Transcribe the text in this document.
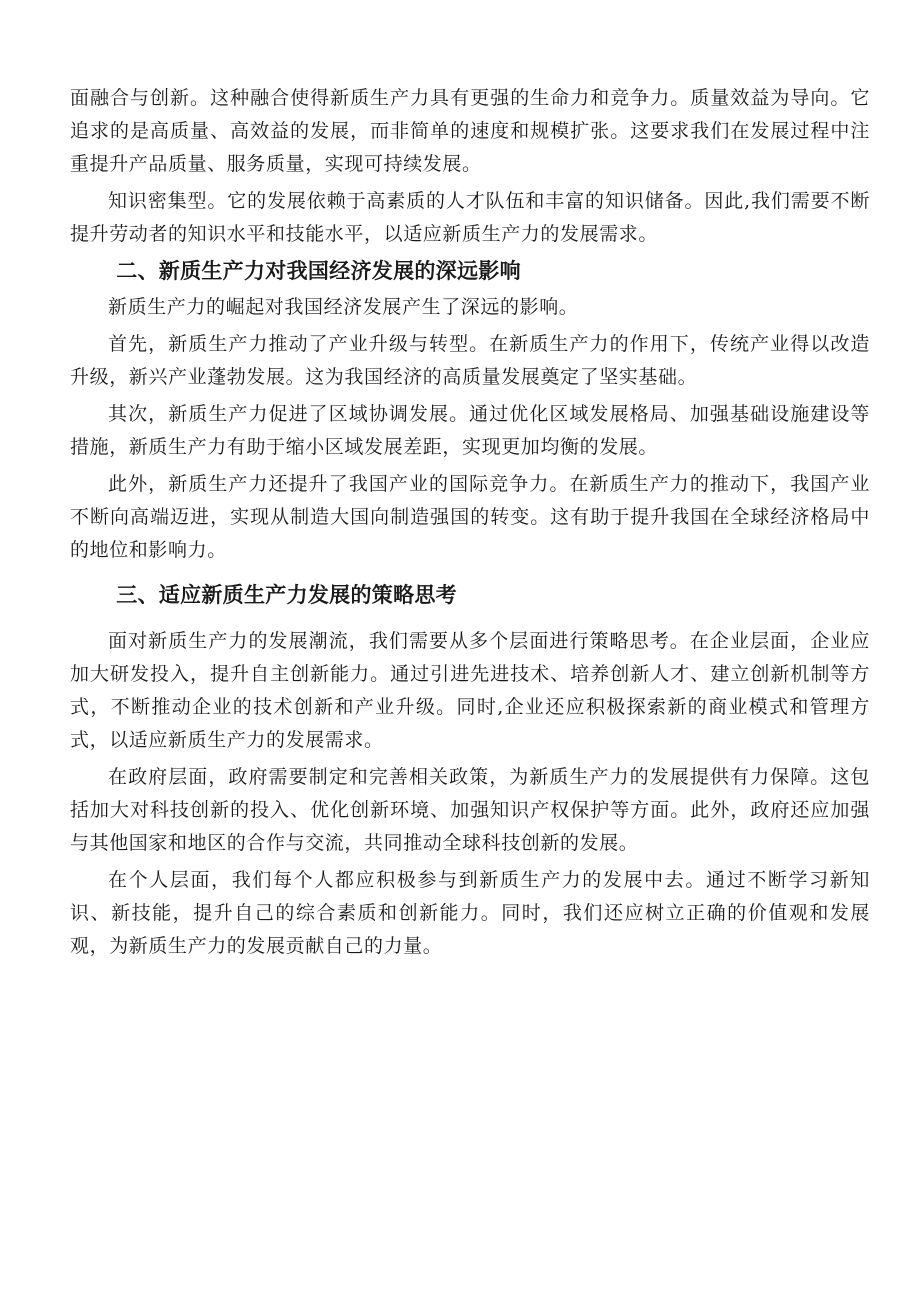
面融合与创新。这种融合使得新质生产力具有更强的生命力和竞争力。质量效益为导向。它追求的是高质量、高效益的发展，而非简单的速度和规模扩张。这要求我们在发展过程中注重提升产品质量、服务质量，实现可持续发展。

知识密集型。它的发展依赖于高素质的人才队伍和丰富的知识储备。因此,我们需要不断提升劳动者的知识水平和技能水平，以适应新质生产力的发展需求。

二、新质生产力对我国经济发展的深远影响

新质生产力的崛起对我国经济发展产生了深远的影响。

首先，新质生产力推动了产业升级与转型。在新质生产力的作用下，传统产业得以改造升级，新兴产业蓬勃发展。这为我国经济的高质量发展奠定了坚实基础。

其次，新质生产力促进了区域协调发展。通过优化区域发展格局、加强基础设施建设等措施，新质生产力有助于缩小区域发展差距，实现更加均衡的发展。

此外，新质生产力还提升了我国产业的国际竞争力。在新质生产力的推动下，我国产业不断向高端迈进，实现从制造大国向制造强国的转变。这有助于提升我国在全球经济格局中的地位和影响力。

三、适应新质生产力发展的策略思考

面对新质生产力的发展潮流，我们需要从多个层面进行策略思考。在企业层面，企业应加大研发投入，提升自主创新能力。通过引进先进技术、培养创新人才、建立创新机制等方式，不断推动企业的技术创新和产业升级。同时,企业还应积极探索新的商业模式和管理方式，以适应新质生产力的发展需求。

在政府层面，政府需要制定和完善相关政策，为新质生产力的发展提供有力保障。这包括加大对科技创新的投入、优化创新环境、加强知识产权保护等方面。此外，政府还应加强与其他国家和地区的合作与交流，共同推动全球科技创新的发展。

在个人层面，我们每个人都应积极参与到新质生产力的发展中去。通过不断学习新知识、新技能，提升自己的综合素质和创新能力。同时，我们还应树立正确的价值观和发展观，为新质生产力的发展贡献自己的力量。
